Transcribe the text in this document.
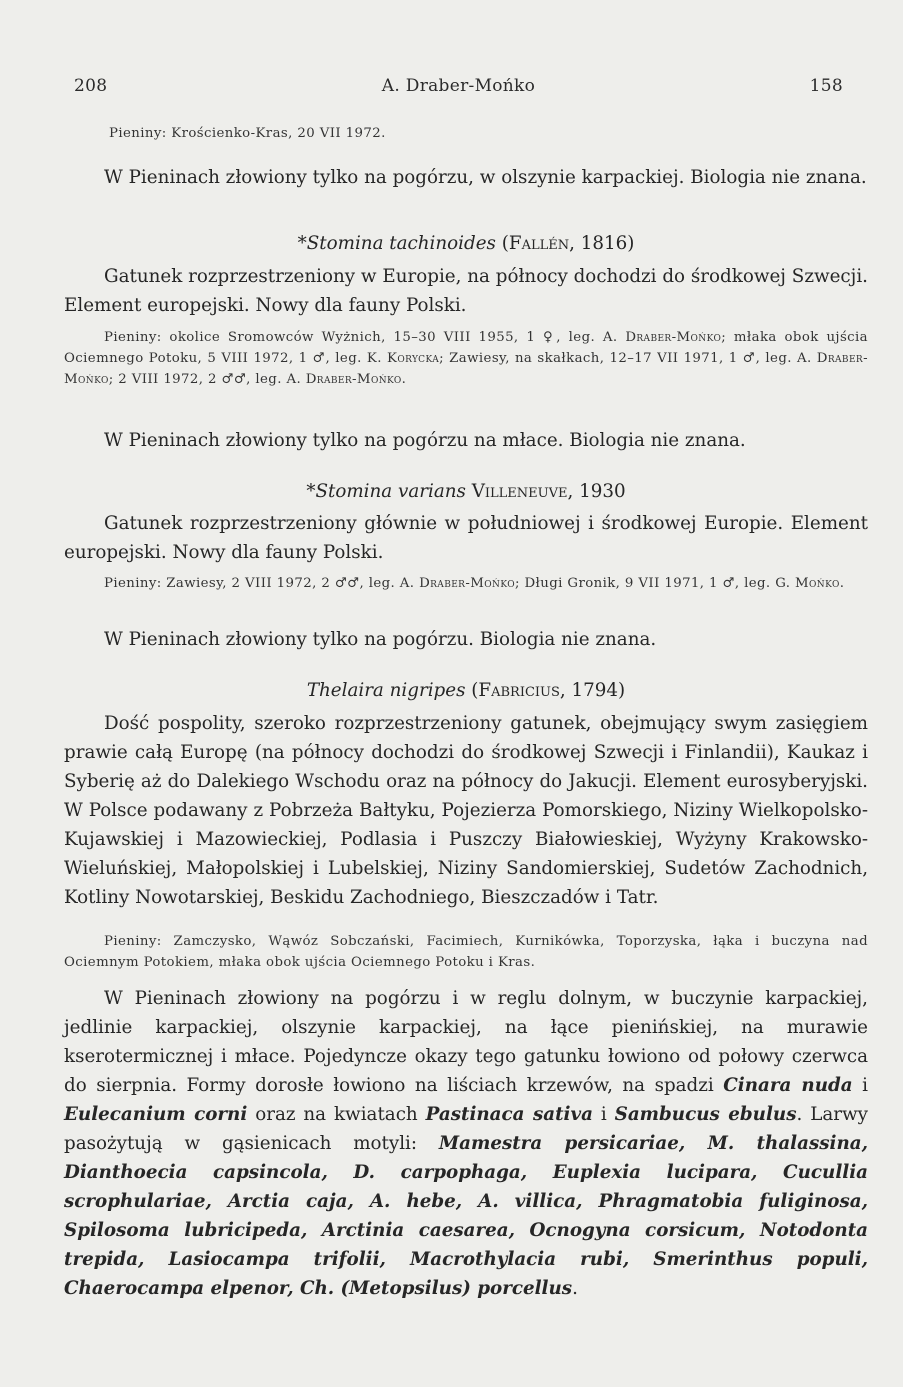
208	A. Draber-Mońko	158
Pieniny: Krościenko-Kras, 20 VII 1972.
W Pieninach złowiony tylko na pogórzu, w olszynie karpackiej. Biologia nie znana.
*Stomina tachinoides (Fallén, 1816)
Gatunek rozprzestrzeniony w Europie, na północy dochodzi do środkowej Szwecji. Element europejski. Nowy dla fauny Polski.
Pieniny: okolice Sromowców Wyżnich, 15–30 VIII 1955, 1 ♀, leg. A. Draber-Mońko; młaka obok ujścia Ociemnego Potoku, 5 VIII 1972, 1 ♂, leg. K. Korycka; Zawiesy, na skałkach, 12–17 VII 1971, 1 ♂, leg. A. Draber-Mońko; 2 VIII 1972, 2 ♂♂, leg. A. Draber-Mońko.
W Pieninach złowiony tylko na pogórzu na młace. Biologia nie znana.
*Stomina varians Villeneuve, 1930
Gatunek rozprzestrzeniony głównie w południowej i środkowej Europie. Element europejski. Nowy dla fauny Polski.
Pieniny: Zawiesy, 2 VIII 1972, 2 ♂♂, leg. A. Draber-Mońko; Długi Gronik, 9 VII 1971, 1 ♂, leg. G. Mońko.
W Pieninach złowiony tylko na pogórzu. Biologia nie znana.
Thelaira nigripes (Fabricius, 1794)
Dość pospolity, szeroko rozprzestrzeniony gatunek, obejmujący swym zasięgiem prawie całą Europę (na północy dochodzi do środkowej Szwecji i Finlandii), Kaukaz i Syberię aż do Dalekiego Wschodu oraz na północy do Jakucji. Element eurosyberyjski. W Polsce podawany z Pobrzeża Bałtyku, Pojezierza Pomorskiego, Niziny Wielkopolsko-Kujawskiej i Mazowieckiej, Podlasia i Puszczy Białowieskiej, Wyżyny Krakowsko-Wieluńskiej, Małopolskiej i Lubelskiej, Niziny Sandomierskiej, Sudetów Zachodnich, Kotliny Nowotarskiej, Beskidu Zachodniego, Bieszczadów i Tatr.
Pieniny: Zamczysko, Wąwóz Sobczański, Facimiech, Kurnikówka, Toporzyska, łąka i buczyna nad Ociemnym Potokiem, młaka obok ujścia Ociemnego Potoku i Kras.
W Pieninach złowiony na pogórzu i w reglu dolnym, w buczynie karpackiej, jedlinie karpackiej, olszynie karpackiej, na łące pienińskiej, na murawie kserotermicznej i młace. Pojedyncze okazy tego gatunku łowiono od połowy czerwca do sierpnia. Formy dorosłe łowiono na liściach krzewów, na spadzi Cinara nuda i Eulecanium corni oraz na kwiatach Pastinaca sativa i Sambucus ebulus. Larwy pasożytują w gąsienicach motyli: Mamestra persicariae, M. thalassina, Dianthoecia capsincola, D. carpophaga, Euplexia lucipara, Cucullia scrophulariae, Arctia caja, A. hebe, A. villica, Phragmatobia fuliginosa, Spilosoma lubricipeda, Arctinia caesarea, Ocnogyna corsicum, Notodonta trepida, Lasiocampa trifolii, Macrothylacia rubi, Smerinthus populi, Chaerocampa elpenor, Ch. (Metopsilus) porcellus.
